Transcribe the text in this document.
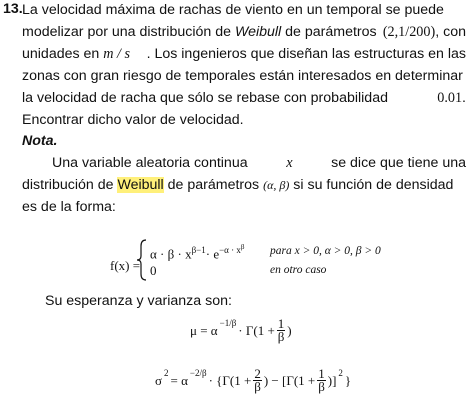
13. La velocidad máxima de rachas de viento en un temporal se puede
modelizar por una distribución de Weibull de parámetros (2,1/200), con
unidades en m / s . Los ingenieros que diseñan las estructuras en las
zonas con gran riesgo de temporales están interesados en determinar
la velocidad de racha que sólo se rebase con probabilidad	0.01.
Encontrar dicho valor de velocidad.
Nota.
Una variable aleatoria continua	x	se dice que tiene una
distribución de Weibull de parámetros (α, β) si su función de densidad
es de la forma:
f(x) =
$\alpha \cdot \beta \cdot x^{\beta-1}\cdot e^{-\alpha \cdot x^\beta}$
0
para x > 0, α > 0, β > 0
en otro caso
Su esperanza y varianza son:
$\mu = \alpha^{-1/\beta} \cdot \Gamma(1 + \frac{1}{\beta}$ )
$\sigma^2 = \alpha^{-2/\beta} \cdot \{\Gamma(1 + \frac{2}{\beta}$ ) − $[\Gamma(1 + \frac{1}{\beta} )]^2$ }
